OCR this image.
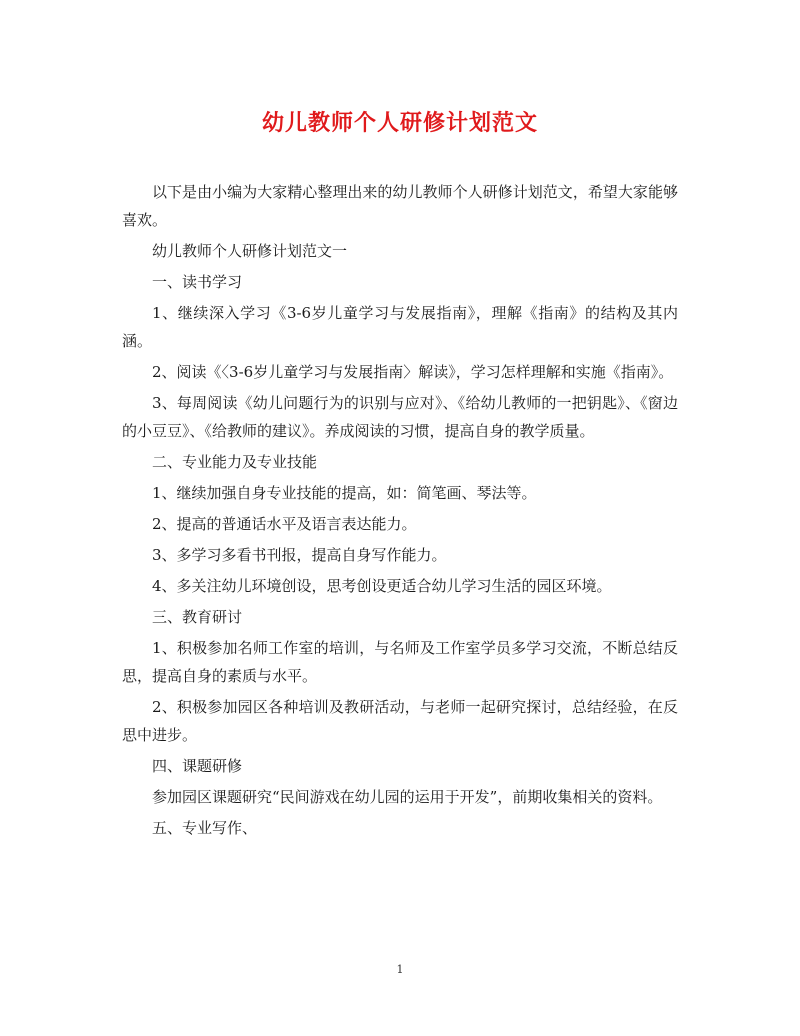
幼儿教师个人研修计划范文

以下是由小编为大家精心整理出来的幼儿教师个人研修计划范文，希望大家能够喜欢。

幼儿教师个人研修计划范文一

一、读书学习

1、继续深入学习《3-6岁儿童学习与发展指南》，理解《指南》的结构及其内涵。

2、阅读《〈3-6岁儿童学习与发展指南〉解读》，学习怎样理解和实施《指南》。

3、每周阅读《幼儿问题行为的识别与应对》、《给幼儿教师的一把钥匙》、《窗边的小豆豆》、《给教师的建议》。养成阅读的习惯，提高自身的教学质量。

二、专业能力及专业技能

1、继续加强自身专业技能的提高，如：简笔画、琴法等。

2、提高的普通话水平及语言表达能力。

3、多学习多看书刊报，提高自身写作能力。

4、多关注幼儿环境创设，思考创设更适合幼儿学习生活的园区环境。

三、教育研讨

1、积极参加名师工作室的培训，与名师及工作室学员多学习交流，不断总结反思，提高自身的素质与水平。

2、积极参加园区各种培训及教研活动，与老师一起研究探讨，总结经验，在反思中进步。

四、课题研修

参加园区课题研究“民间游戏在幼儿园的运用于开发”，前期收集相关的资料。

五、专业写作、

1
